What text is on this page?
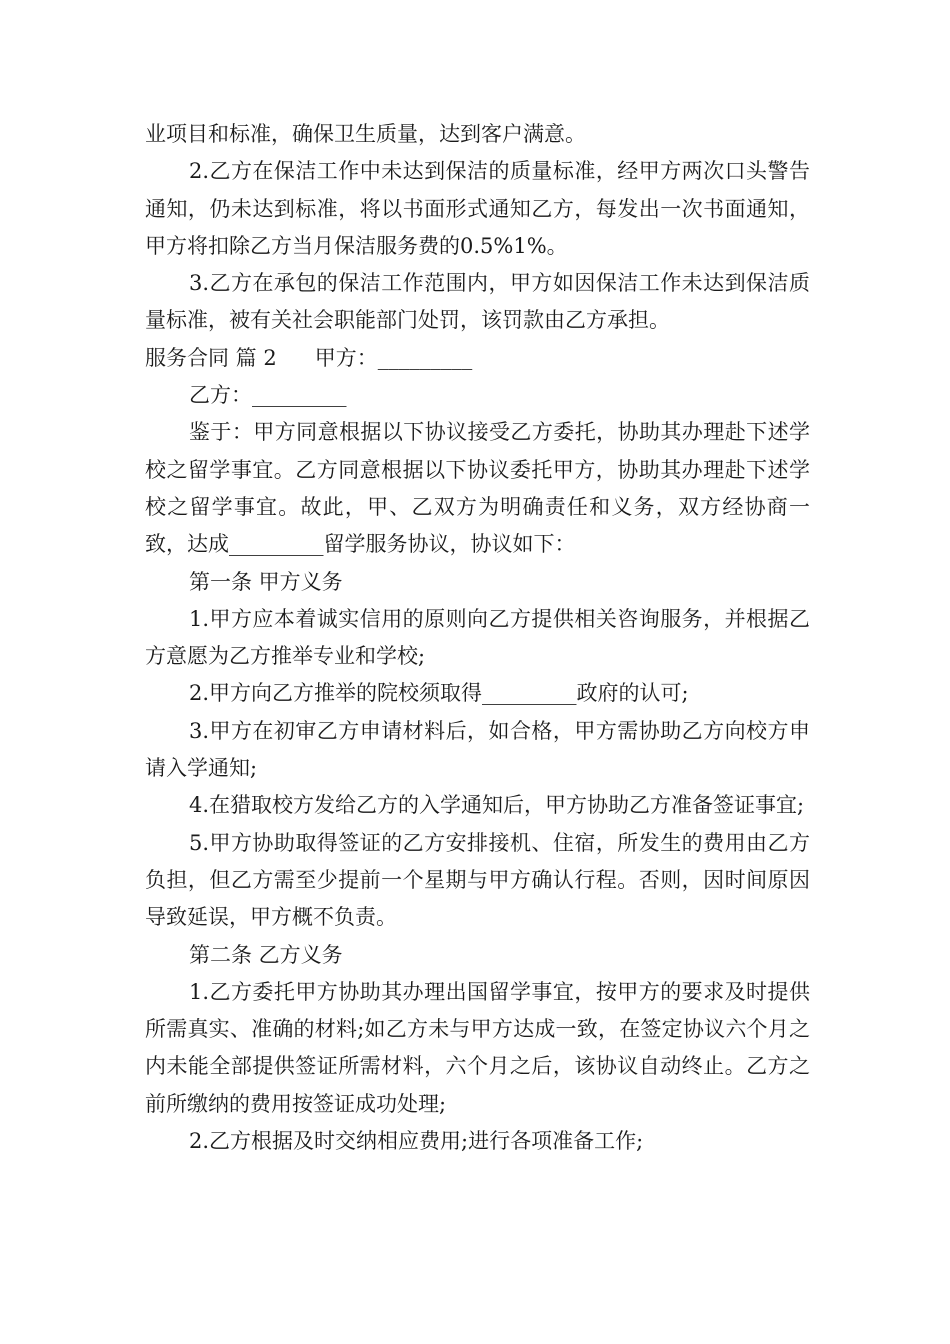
业项目和标准，确保卫生质量，达到客户满意。

2.乙方在保洁工作中未达到保洁的质量标准，经甲方两次口头警告通知，仍未达到标准，将以书面形式通知乙方，每发出一次书面通知，甲方将扣除乙方当月保洁服务费的0.5%1%。

3.乙方在承包的保洁工作范围内，甲方如因保洁工作未达到保洁质量标准，被有关社会职能部门处罚，该罚款由乙方承担。

服务合同 篇 2 甲方：_________

乙方：_________

鉴于：甲方同意根据以下协议接受乙方委托，协助其办理赴下述学校之留学事宜。乙方同意根据以下协议委托甲方，协助其办理赴下述学校之留学事宜。故此，甲、乙双方为明确责任和义务，双方经协商一致，达成_________留学服务协议，协议如下：

第一条 甲方义务

1.甲方应本着诚实信用的原则向乙方提供相关咨询服务，并根据乙方意愿为乙方推举专业和学校;

2.甲方向乙方推举的院校须取得_________政府的认可;

3.甲方在初审乙方申请材料后，如合格，甲方需协助乙方向校方申请入学通知;

4.在猎取校方发给乙方的入学通知后，甲方协助乙方准备签证事宜;

5.甲方协助取得签证的乙方安排接机、住宿，所发生的费用由乙方负担，但乙方需至少提前一个星期与甲方确认行程。否则，因时间原因导致延误，甲方概不负责。

第二条 乙方义务

1.乙方委托甲方协助其办理出国留学事宜，按甲方的要求及时提供所需真实、准确的材料;如乙方未与甲方达成一致，在签定协议六个月之内未能全部提供签证所需材料，六个月之后，该协议自动终止。乙方之前所缴纳的费用按签证成功处理;

2.乙方根据及时交纳相应费用;进行各项准备工作;
